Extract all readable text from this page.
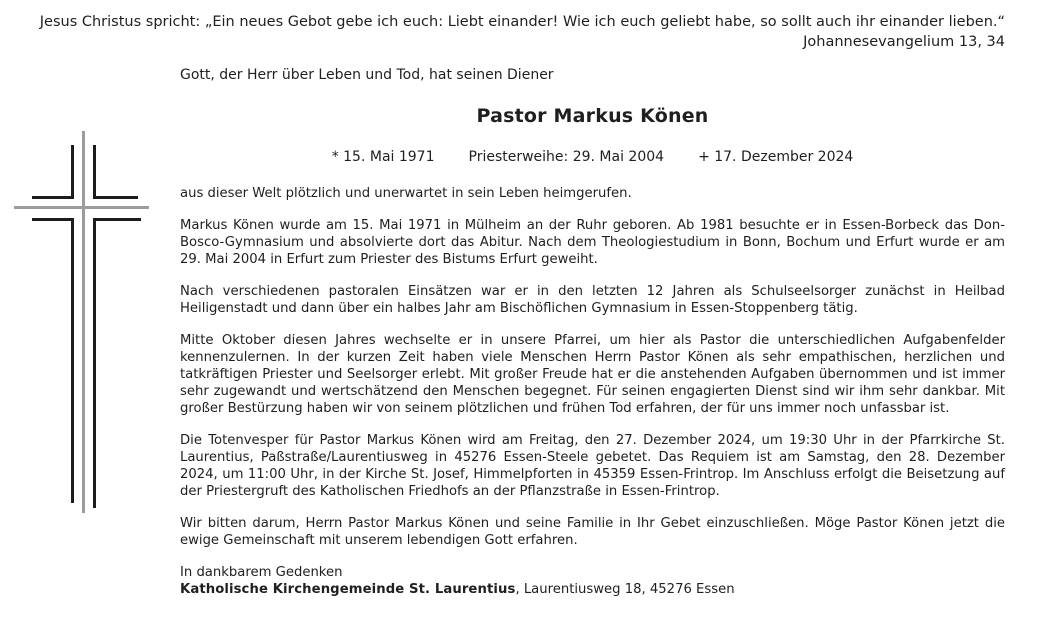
Jesus Christus spricht: „Ein neues Gebot gebe ich euch: Liebt einander! Wie ich euch geliebt habe, so sollt auch ihr einander lieben.“
Johannesevangelium 13, 34
Gott, der Herr über Leben und Tod, hat seinen Diener
Pastor Markus Könen
* 15. Mai 1971 Priesterweihe: 29. Mai 2004 + 17. Dezember 2024

aus dieser Welt plötzlich und unerwartet in sein Leben heimgerufen.

Markus Könen wurde am 15. Mai 1971 in Mülheim an der Ruhr geboren. Ab 1981 besuchte er in Essen-Borbeck das Don-Bosco-Gymnasium und absolvierte dort das Abitur. Nach dem Theologiestudium in Bonn, Bochum und Erfurt wurde er am 29. Mai 2004 in Erfurt zum Priester des Bistums Erfurt geweiht.

Nach verschiedenen pastoralen Einsätzen war er in den letzten 12 Jahren als Schulseelsorger zunächst in Heilbad Heiligenstadt und dann über ein halbes Jahr am Bischöflichen Gymnasium in Essen-Stoppenberg tätig.

Mitte Oktober diesen Jahres wechselte er in unsere Pfarrei, um hier als Pastor die unterschiedlichen Aufgabenfelder kennenzulernen. In der kurzen Zeit haben viele Menschen Herrn Pastor Könen als sehr empathischen, herzlichen und tatkräftigen Priester und Seelsorger erlebt. Mit großer Freude hat er die anstehenden Aufgaben übernommen und ist immer sehr zugewandt und wertschätzend den Menschen begegnet. Für seinen engagierten Dienst sind wir ihm sehr dankbar. Mit großer Bestürzung haben wir von seinem plötzlichen und frühen Tod erfahren, der für uns immer noch unfassbar ist.

Die Totenvesper für Pastor Markus Könen wird am Freitag, den 27. Dezember 2024, um 19:30 Uhr in der Pfarrkirche St. Laurentius, Paßstraße/Laurentiusweg in 45276 Essen-Steele gebetet. Das Requiem ist am Samstag, den 28. Dezember 2024, um 11:00 Uhr, in der Kirche St. Josef, Himmelpforten in 45359 Essen-Frintrop. Im Anschluss erfolgt die Beisetzung auf der Priestergruft des Katholischen Friedhofs an der Pflanzstraße in Essen-Frintrop.

Wir bitten darum, Herrn Pastor Markus Könen und seine Familie in Ihr Gebet einzuschließen. Möge Pastor Könen jetzt die ewige Gemeinschaft mit unserem lebendigen Gott erfahren.

In dankbarem Gedenken
Katholische Kirchengemeinde St. Laurentius, Laurentiusweg 18, 45276 Essen
